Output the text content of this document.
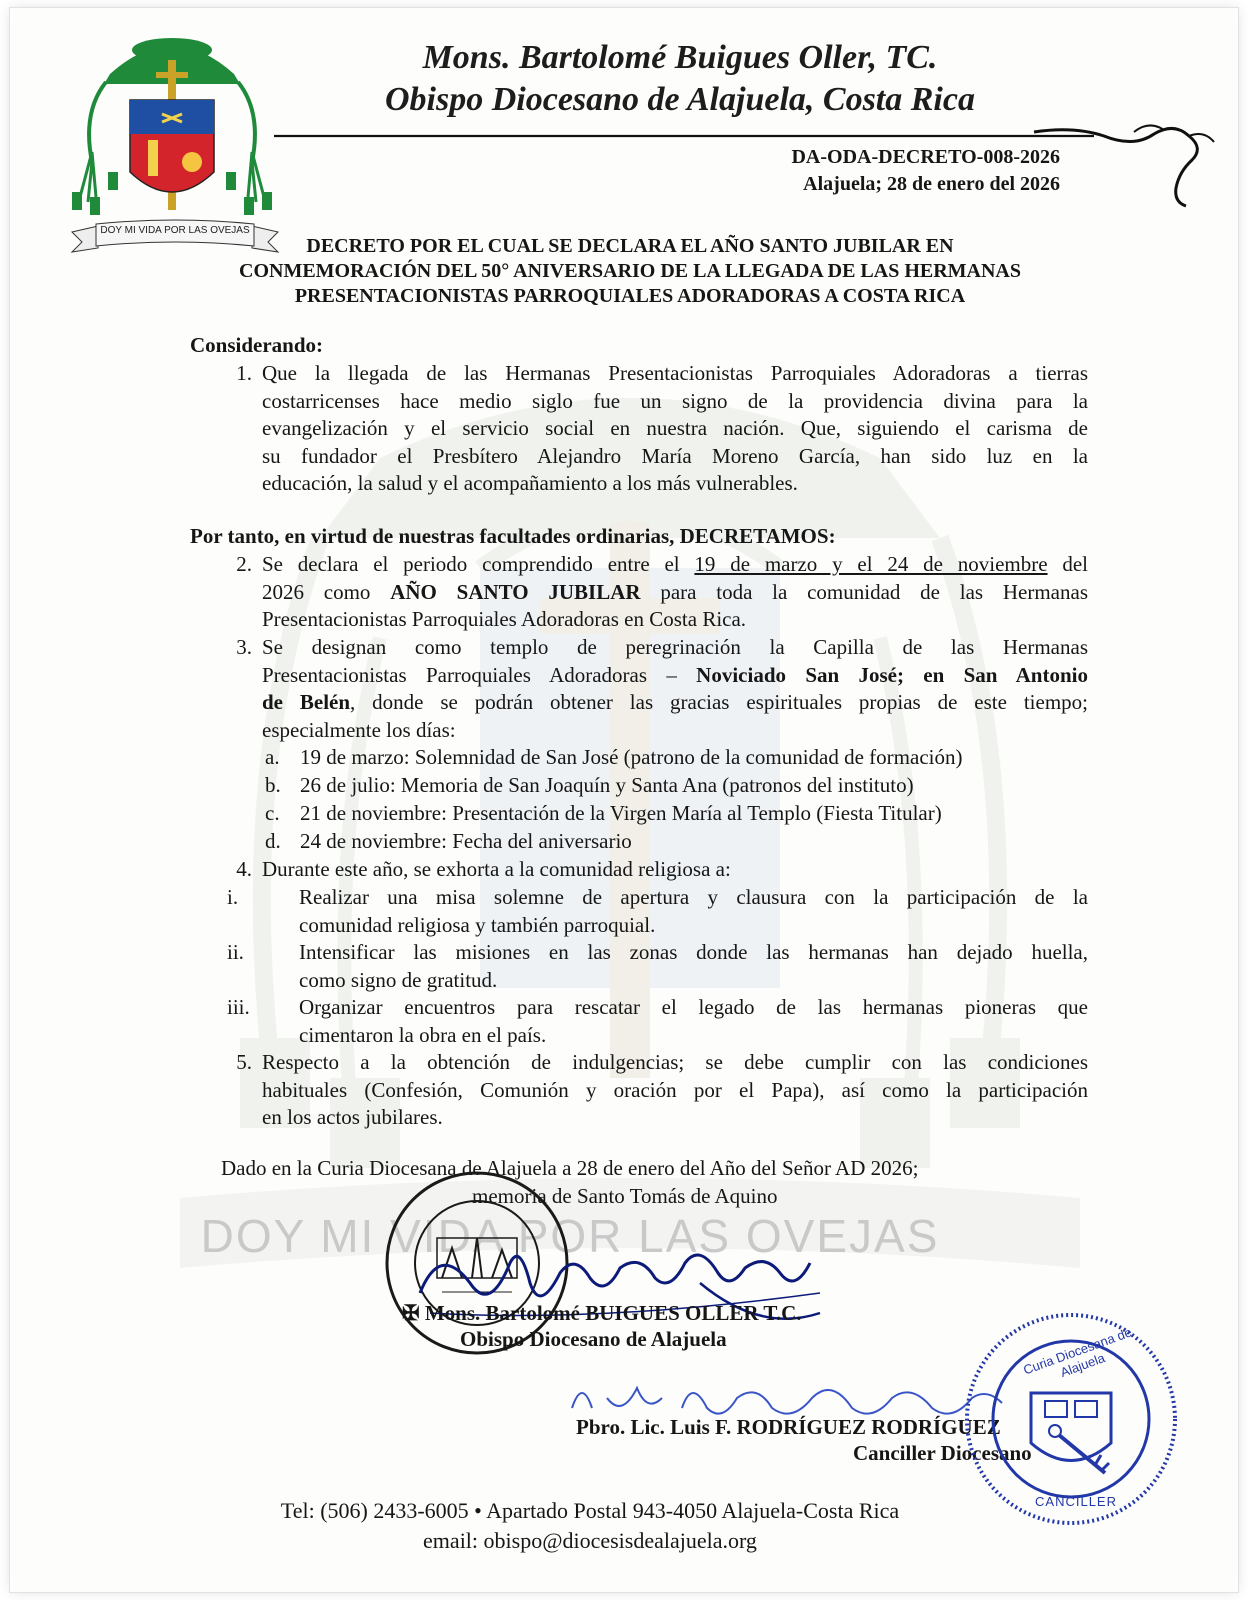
DOY MI VIDA POR LAS OVEJAS
DOY MI VIDA POR LAS OVEJAS
Mons. Bartolomé Buigues Oller, TC.
Obispo Diocesano de Alajuela, Costa Rica
DA-ODA-DECRETO-008-2026
Alajuela; 28 de enero del 2026
DECRETO POR EL CUAL SE DECLARA EL AÑO SANTO JUBILAR EN
CONMEMORACIÓN DEL 50° ANIVERSARIO DE LA LLEGADA DE LAS HERMANAS
PRESENTACIONISTAS PARROQUIALES ADORADORAS A COSTA RICA
Considerando:
1. Que la llegada de las Hermanas Presentacionistas Parroquiales Adoradoras a tierras
costarricenses hace medio siglo fue un signo de la providencia divina para la
evangelización y el servicio social en nuestra nación. Que, siguiendo el carisma de
su fundador el Presbítero Alejandro María Moreno García, han sido luz en la
educación, la salud y el acompañamiento a los más vulnerables.
Por tanto, en virtud de nuestras facultades ordinarias, DECRETAMOS:
2. Se declara el periodo comprendido entre el 19 de marzo y el 24 de noviembre del
2026 como AÑO SANTO JUBILAR para toda la comunidad de las Hermanas
Presentacionistas Parroquiales Adoradoras en Costa Rica.
3. Se designan como templo de peregrinación la Capilla de las Hermanas
Presentacionistas Parroquiales Adoradoras – Noviciado San José; en San Antonio
de Belén, donde se podrán obtener las gracias espirituales propias de este tiempo;
especialmente los días:
a. 19 de marzo: Solemnidad de San José (patrono de la comunidad de formación)
b. 26 de julio: Memoria de San Joaquín y Santa Ana (patronos del instituto)
c. 21 de noviembre: Presentación de la Virgen María al Templo (Fiesta Titular)
d. 24 de noviembre: Fecha del aniversario
4. Durante este año, se exhorta a la comunidad religiosa a:
i.	Realizar una misa solemne de apertura y clausura con la participación de la
comunidad religiosa y también parroquial.
ii.	Intensificar las misiones en las zonas donde las hermanas han dejado huella,
como signo de gratitud.
iii. Organizar encuentros para rescatar el legado de las hermanas pioneras que
cimentaron la obra en el país.
5. Respecto a la obtención de indulgencias; se debe cumplir con las condiciones
habituales (Confesión, Comunión y oración por el Papa), así como la participación
en los actos jubilares.
Dado en la Curia Diocesana de Alajuela a 28 de enero del Año del Señor AD 2026;
memoria de Santo Tomás de Aquino
✠ Mons. Bartolomé BUIGUES OLLER T.C.
Obispo Diocesano de Alajuela
Pbro. Lic. Luis F. RODRÍGUEZ RODRÍGUEZ
Canciller Diocesano
Curia Diocesana de Alajuela
CANCILLER
Tel: (506) 2433-6005 • Apartado Postal 943-4050 Alajuela-Costa Rica
email: obispo@diocesisdealajuela.org
